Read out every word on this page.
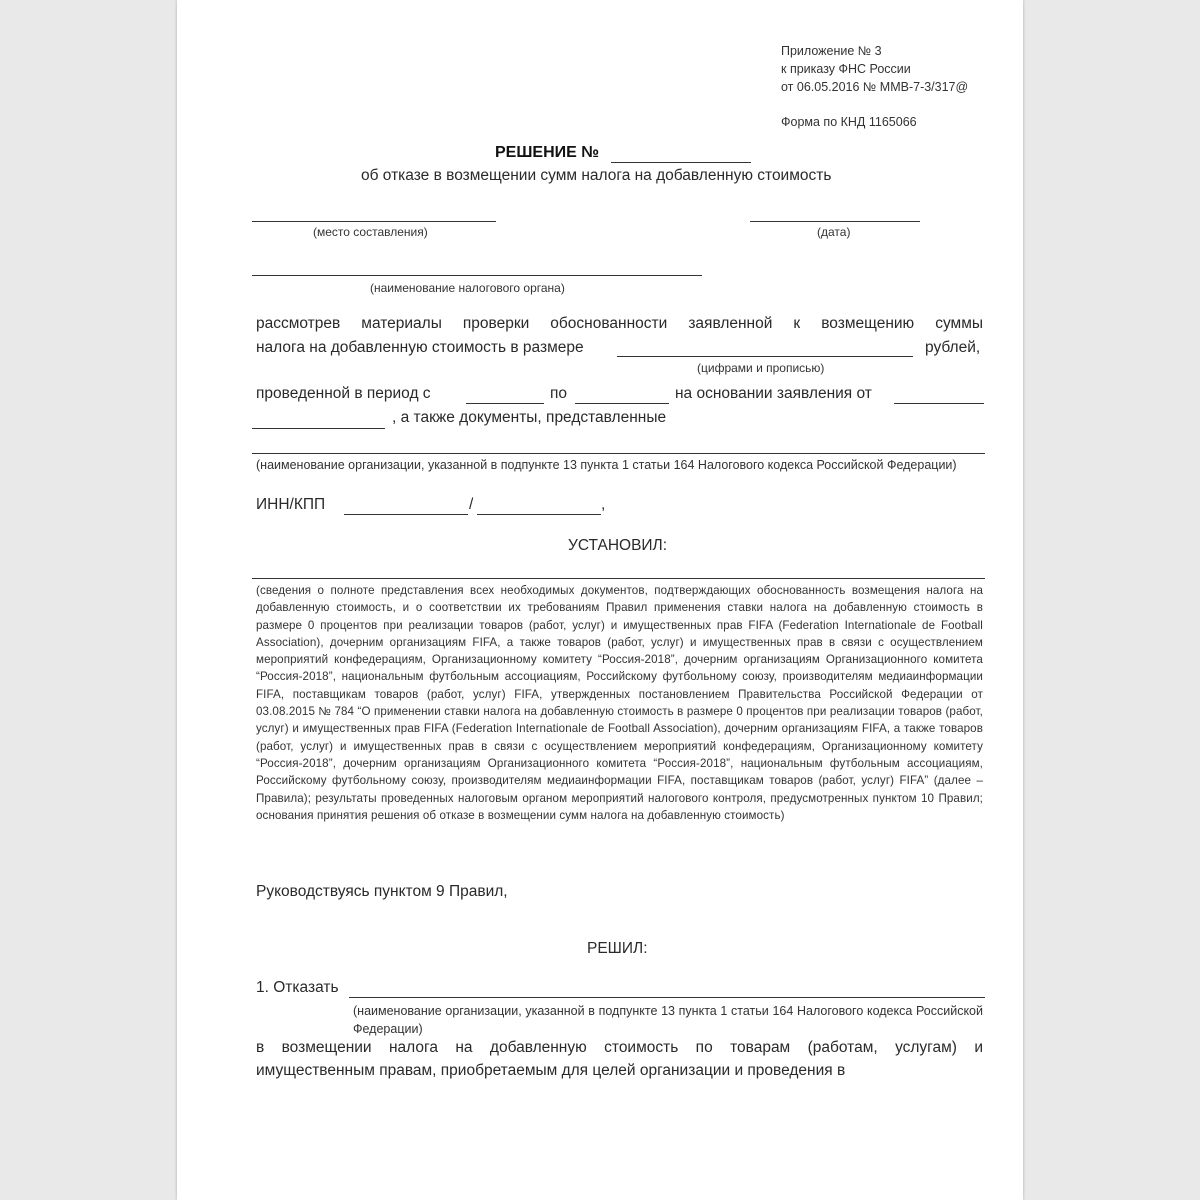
Приложение № 3
к приказу ФНС России
от 06.05.2016 № ММВ-7-3/317@
Форма по КНД 1165066
РЕШЕНИЕ №
об отказе в возмещении сумм налога на добавленную стоимость
(место составления)	(дата)
(наименование налогового органа)
рассмотрев материалы проверки обоснованности заявленной к возмещению суммы
налога на добавленную стоимость в размере	рублей,
(цифрами и прописью)
проведенной в период с	по	на основании заявления от
, а также документы, представленные
(наименование организации, указанной в подпункте 13 пункта 1 статьи 164 Налогового кодекса Российской Федерации)
ИНН/КПП	/	,
УСТАНОВИЛ:
(сведения о полноте представления всех необходимых документов, подтверждающих обоснованность возмещения налога на добавленную стоимость, и о соответствии их требованиям Правил применения ставки налога на добавленную стоимость в размере 0 процентов при реализации товаров (работ, услуг) и имущественных прав FIFA (Federation Internationale de Football Association), дочерним организациям FIFA, а также товаров (работ, услуг) и имущественных прав в связи с осуществлением мероприятий конфедерациям, Организационному комитету “Россия-2018”, дочерним организациям Организационного комитета “Россия-2018”, национальным футбольным ассоциациям, Российскому футбольному союзу, производителям медиаинформации FIFA, поставщикам товаров (работ, услуг) FIFA, утвержденных постановлением Правительства Российской Федерации от 03.08.2015 № 784 “О применении ставки налога на добавленную стоимость в размере 0 процентов при реализации товаров (работ, услуг) и имущественных прав FIFA (Federation Internationale de Football Association), дочерним организациям FIFA, а также товаров (работ, услуг) и имущественных прав в связи с осуществлением мероприятий конфедерациям, Организационному комитету “Россия-2018”, дочерним организациям Организационного комитета “Россия-2018”, национальным футбольным ассоциациям, Российскому футбольному союзу, производителям медиаинформации FIFA, поставщикам товаров (работ, услуг) FIFA” (далее – Правила); результаты проведенных налоговым органом мероприятий налогового контроля, предусмотренных пунктом 10 Правил; основания принятия решения об отказе в возмещении сумм налога на добавленную стоимость)
Руководствуясь пунктом 9 Правил,
РЕШИЛ:
1. Отказать
(наименование организации, указанной в подпункте 13 пункта 1 статьи 164 Налогового кодекса Российской Федерации)
в возмещении налога на добавленную стоимость по товарам (работам, услугам) и
имущественным правам, приобретаемым для целей организации и проведения в
